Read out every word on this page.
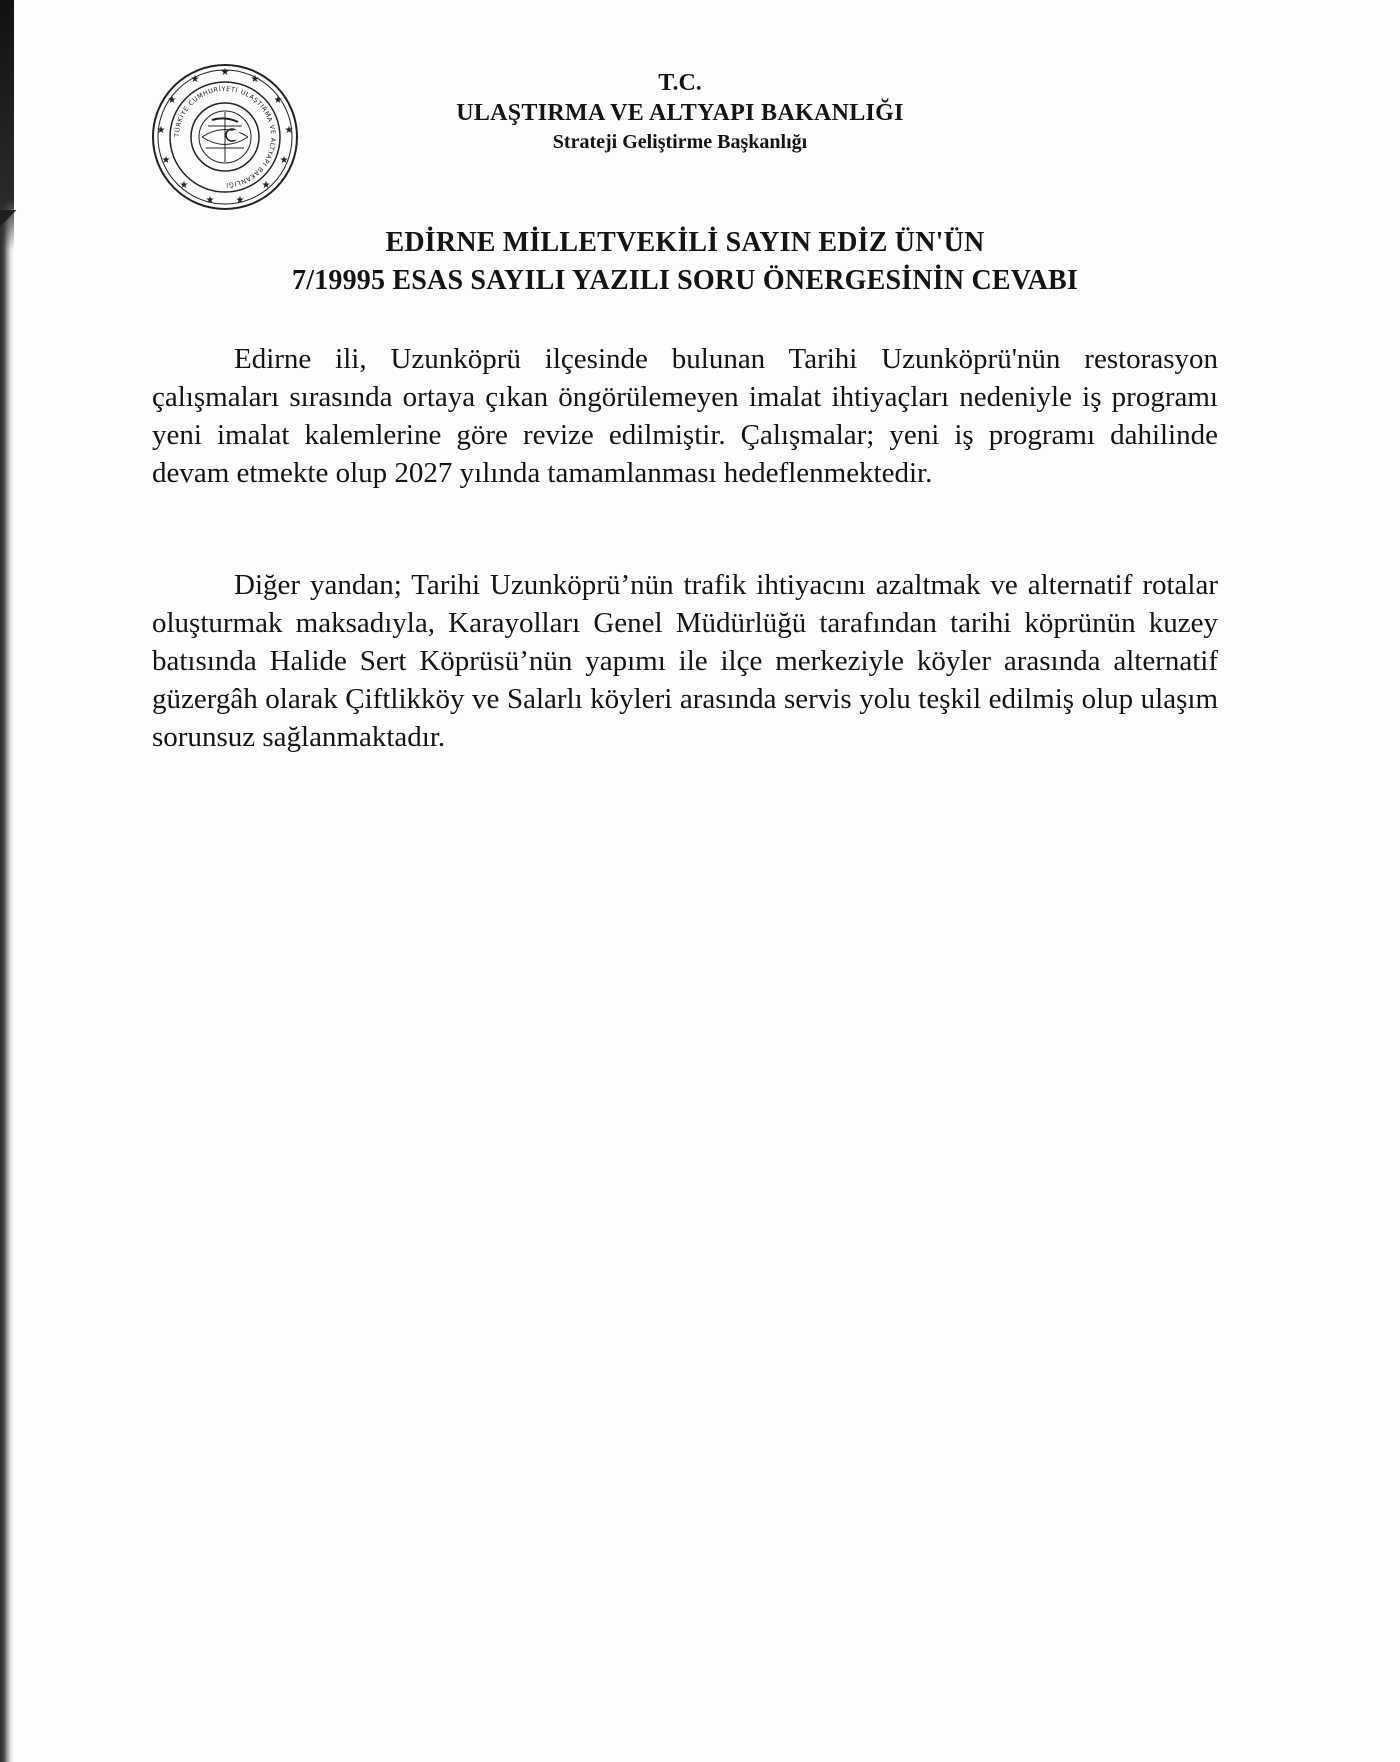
★
★
★
★
★
★
★
★
★
★
★
★
★
TÜRKİYE CUMHURİYETİ ULAŞTIRMA VE ALTYAPI BAKANLIĞI
T.C.
ULAŞTIRMA VE ALTYAPI BAKANLIĞI
Strateji Geliştirme Başkanlığı
EDİRNE MİLLETVEKİLİ SAYIN EDİZ ÜN'ÜN
7/19995 ESAS SAYILI YAZILI SORU ÖNERGESİNİN CEVABI

Edirne ili, Uzunköprü ilçesinde bulunan Tarihi Uzunköprü'nün restorasyon çalışmaları sırasında ortaya çıkan öngörülemeyen imalat ihtiyaçları nedeniyle iş programı yeni imalat kalemlerine göre revize edilmiştir. Çalışmalar; yeni iş programı dahilinde devam etmekte olup 2027 yılında tamamlanması hedeflenmektedir.

Diğer yandan; Tarihi Uzunköprü’nün trafik ihtiyacını azaltmak ve alternatif rotalar oluşturmak maksadıyla, Karayolları Genel Müdürlüğü tarafından tarihi köprünün kuzey batısında Halide Sert Köprüsü’nün yapımı ile ilçe merkeziyle köyler arasında alternatif güzergâh olarak Çiftlikköy ve Salarlı köyleri arasında servis yolu teşkil edilmiş olup ulaşım sorunsuz sağlanmaktadır.
